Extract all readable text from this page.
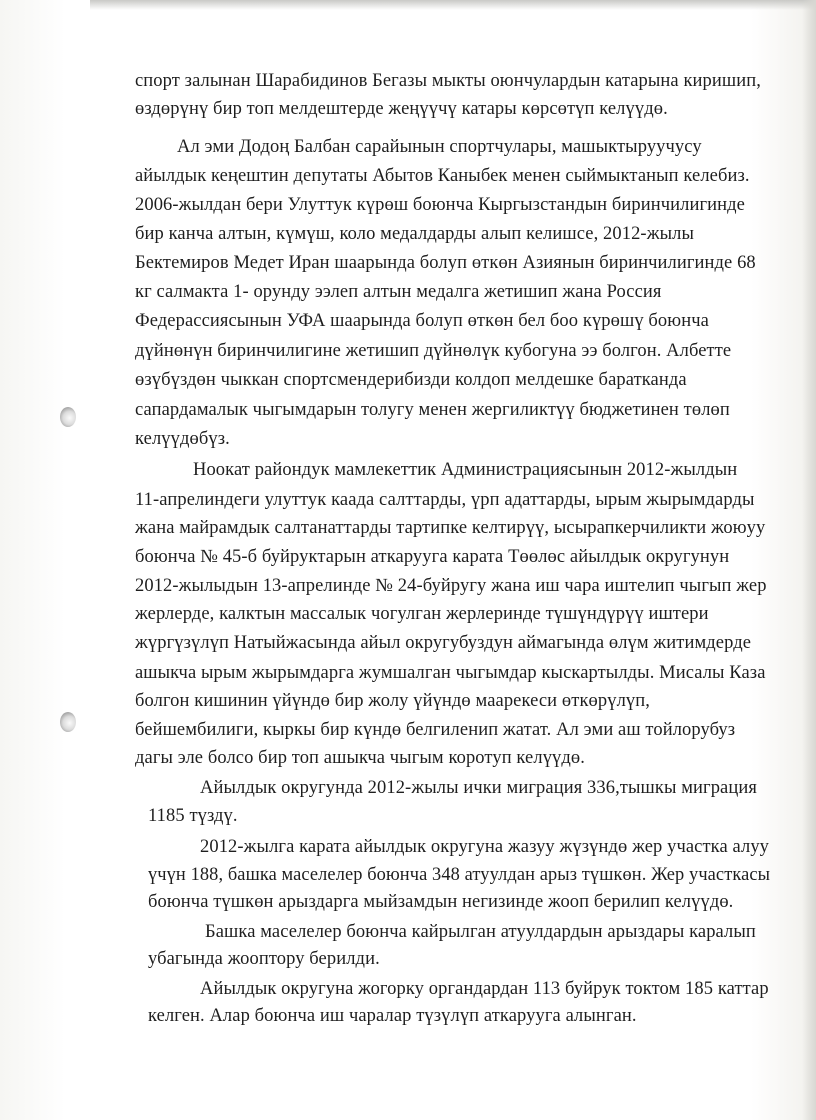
спорт залынан Шарабидинов Бегазы мыкты оюнчулардын катарына киришип,
өздөрүнү бир топ мелдештерде жеңүүчү катары көрсөтүп келүүдө.
Ал эми Додоң Балбан сарайынын спортчулары, машыктыруучусу
айылдык кеңештин депутаты Абытов Каныбек менен сыймыктанып келебиз.
2006-жылдан бери Улуттук күрөш боюнча Кыргызстандын биринчилигинде
бир канча алтын, күмүш, коло медалдарды алып келишсе, 2012-жылы
Бектемиров Медет Иран шаарында болуп өткөн Азиянын биринчилигинде 68
кг салмакта 1- орунду ээлеп алтын медалга жетишип жана Россия
Федерассиясынын УФА шаарында болуп өткөн бел боо күрөшү боюнча
дүйнөнүн биринчилигине жетишип дүйнөлүк кубогуна ээ болгон. Албетте
өзүбүздөн чыккан спортсмендерибизди колдоп мелдешке баратканда
сапардамалык чыгымдарын толугу менен жергиликтүү бюджетинен төлөп
келүүдөбүз.
Ноокат райондук мамлекеттик Администрациясынын 2012-жылдын
11-апрелиндеги улуттук каада салттарды, үрп адаттарды, ырым жырымдарды
жана майрамдык салтанаттарды тартипке келтирүү, ысырапкерчиликти жоюуу
боюнча № 45-б буйруктарын аткарууга карата Төөлөс айылдык округунун
2012-жылыдын 13-апрелинде № 24-буйругу жана иш чара иштелип чыгып жер
жерлерде, калктын массалык чогулган жерлеринде түшүндүрүү иштери
жүргүзүлүп Натыйжасында айыл округубуздун аймагында өлүм житимдерде
ашыкча ырым жырымдарга жумшалган чыгымдар кыскартылды. Мисалы Каза
болгон кишинин үйүндө бир жолу үйүндө маарекеси өткөрүлүп,
бейшембилиги, кыркы бир күндө белгиленип жатат. Ал эми аш тойлорубуз
дагы эле болсо бир топ ашыкча чыгым коротуп келүүдө.
Айылдык округунда 2012-жылы ички миграция 336,тышкы миграция
1185 түздү.
2012-жылга карата айылдык округуна жазуу жүзүндө жер участка алуу
үчүн 188, башка маселелер боюнча 348 атуулдан арыз түшкөн. Жер участкасы
боюнча түшкөн арыздарга мыйзамдын негизинде жооп берилип келүүдө.
Башка маселелер боюнча кайрылган атуулдардын арыздары каралып
убагында жооптору берилди.
Айылдык округуна жогорку органдардан 113 буйрук токтом 185 каттар
келген. Алар боюнча иш чаралар түзүлүп аткарууга алынган.
